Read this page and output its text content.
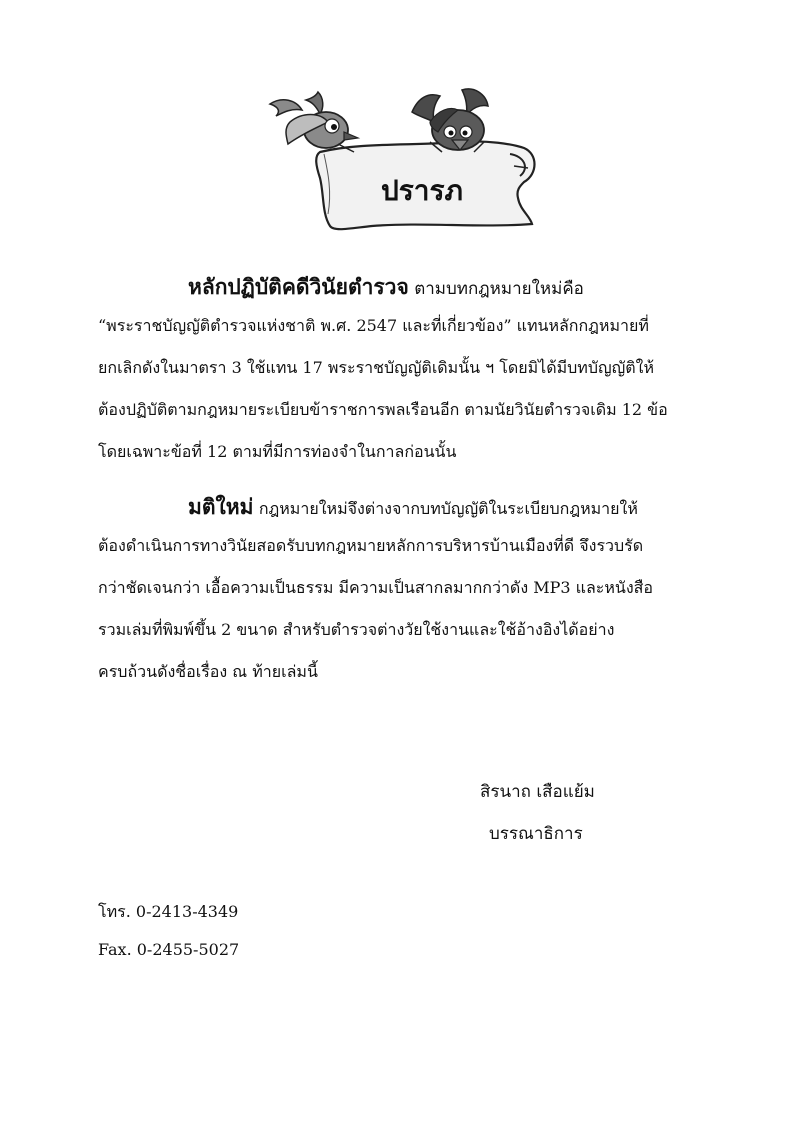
ปรารภ
หลักปฏิบัติคดีวินัยตำรวจ ตามบทกฎหมายใหม่คือ
“พระราชบัญญัติตำรวจแห่งชาติ พ.ศ. 2547 และที่เกี่ยวข้อง” แทนหลักกฎหมายที่
ยกเลิกดังในมาตรา 3 ใช้แทน 17 พระราชบัญญัติเดิมนั้น ฯ โดยมิได้มีบทบัญญัติให้
ต้องปฏิบัติตามกฎหมายระเบียบข้าราชการพลเรือนอีก ตามนัยวินัยตำรวจเดิม 12 ข้อ
โดยเฉพาะข้อที่ 12 ตามที่มีการท่องจำในกาลก่อนนั้น
มติใหม่ กฎหมายใหม่จึงต่างจากบทบัญญัติในระเบียบกฎหมายให้
ต้องดำเนินการทางวินัยสอดรับบทกฎหมายหลักการบริหารบ้านเมืองที่ดี จึงรวบรัด
กว่าชัดเจนกว่า เอื้อความเป็นธรรม มีความเป็นสากลมากกว่าดัง MP3 และหนังสือ
รวมเล่มที่พิมพ์ขึ้น 2 ขนาด สำหรับตำรวจต่างวัยใช้งานและใช้อ้างอิงได้อย่าง
ครบถ้วนดังชื่อเรื่อง ณ ท้ายเล่มนี้
สิรนาถ เสือแย้ม
บรรณาธิการ
โทร. 0-2413-4349
Fax. 0-2455-5027
